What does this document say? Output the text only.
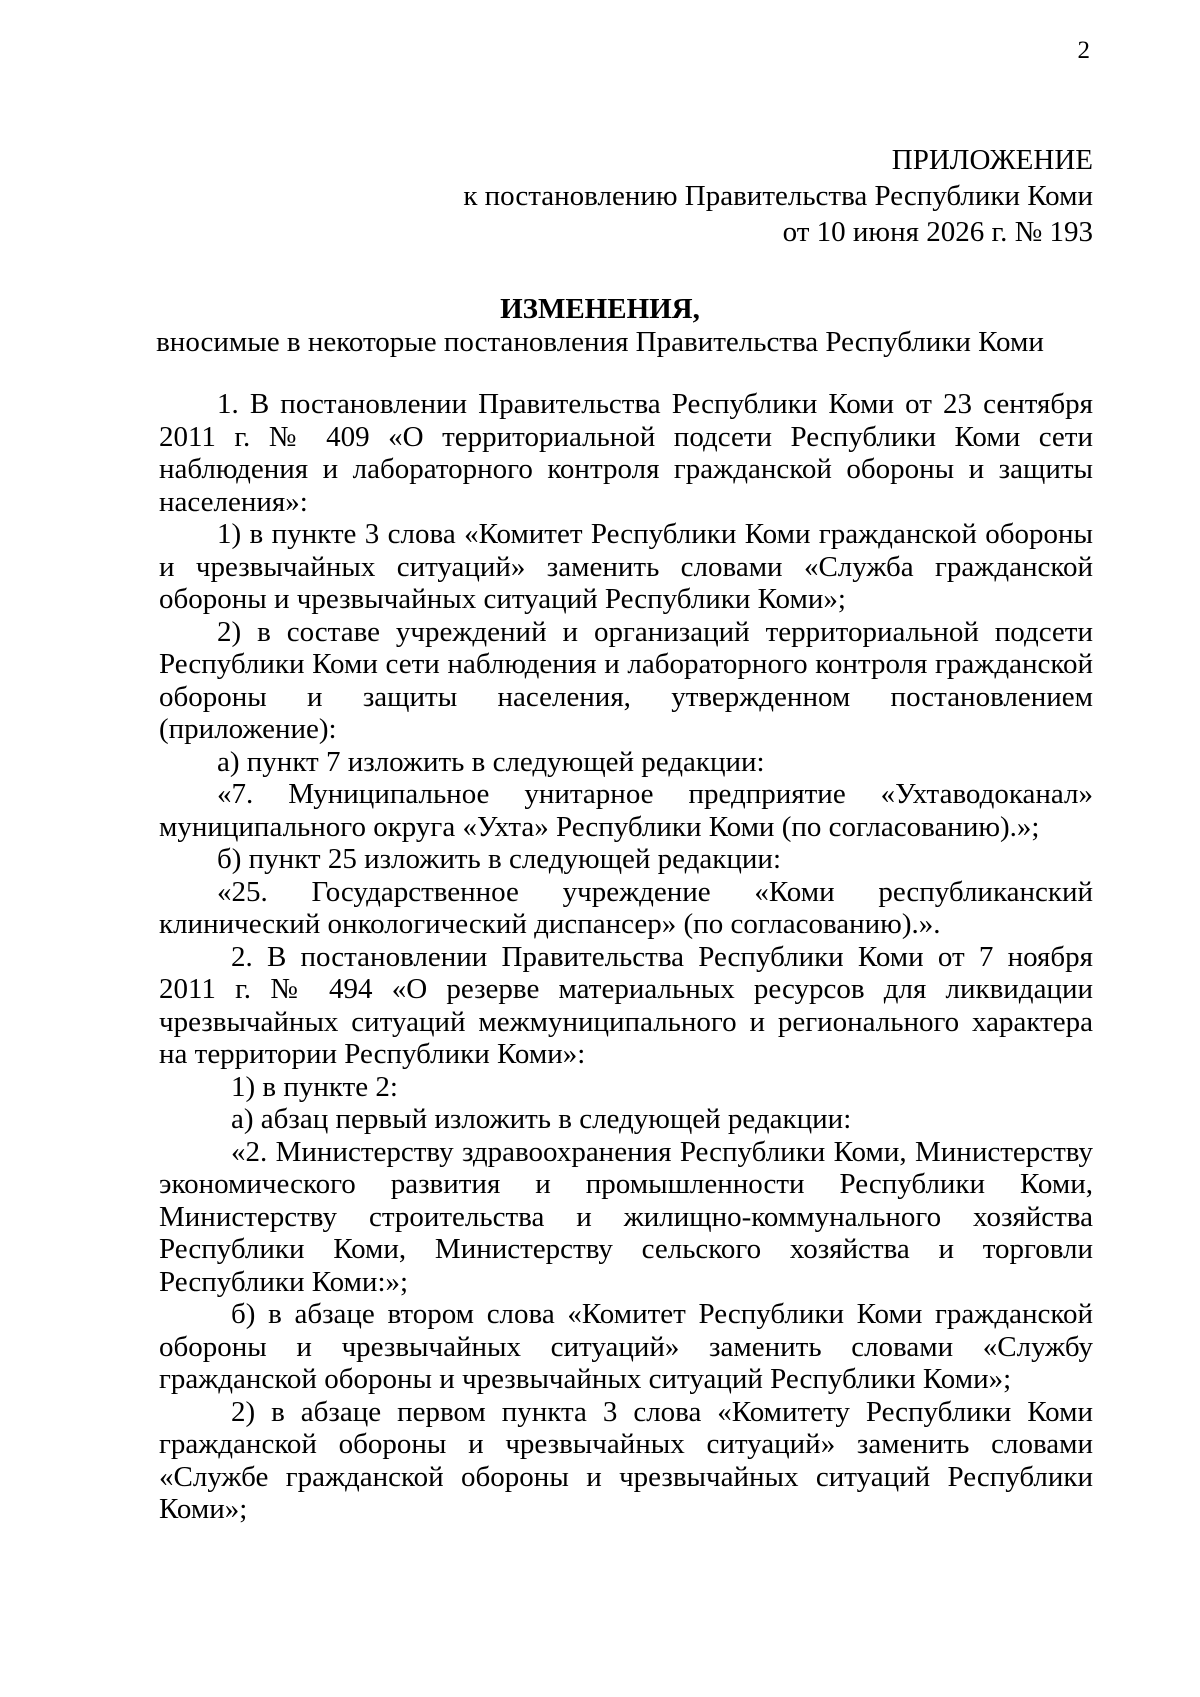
2
ПРИЛОЖЕНИЕ
к постановлению Правительства Республики Коми
от 10 июня 2026 г. № 193
ИЗМЕНЕНИЯ,
вносимые в некоторые постановления Правительства Республики Коми

1. В постановлении Правительства Республики Коми от 23 сентября 2011 г. № 409 «О территориальной подсети Республики Коми сети наблюдения и лабораторного контроля гражданской обороны и защиты населения»:

1) в пункте 3 слова «Комитет Республики Коми гражданской обороны и чрезвычайных ситуаций» заменить словами «Служба гражданской обороны и чрезвычайных ситуаций Республики Коми»;

2) в составе учреждений и организаций территориальной подсети Республики Коми сети наблюдения и лабораторного контроля гражданской обороны и защиты населения, утвержденном постановлением (приложение):

а) пункт 7 изложить в следующей редакции:

«7. Муниципальное унитарное предприятие «Ухтаводоканал» муниципального округа «Ухта» Республики Коми (по согласованию).»;

б) пункт 25 изложить в следующей редакции:

«25. Государственное учреждение «Коми республиканский клинический онкологический диспансер» (по согласованию).».

2. В постановлении Правительства Республики Коми от 7 ноября 2011 г. № 494 «О резерве материальных ресурсов для ликвидации чрезвычайных ситуаций межмуниципального и регионального характера на территории Республики Коми»:

1) в пункте 2:

а) абзац первый изложить в следующей редакции:

«2. Министерству здравоохранения Республики Коми, Министерству экономического развития и промышленности Республики Коми, Министерству строительства и жилищно-коммунального хозяйства Республики Коми, Министерству сельского хозяйства и торговли Республики Коми:»;

б) в абзаце втором слова «Комитет Республики Коми гражданской обороны и чрезвычайных ситуаций» заменить словами «Службу гражданской обороны и чрезвычайных ситуаций Республики Коми»;

2) в абзаце первом пункта 3 слова «Комитету Республики Коми гражданской обороны и чрезвычайных ситуаций» заменить словами «Службе гражданской обороны и чрезвычайных ситуаций Республики Коми»;
